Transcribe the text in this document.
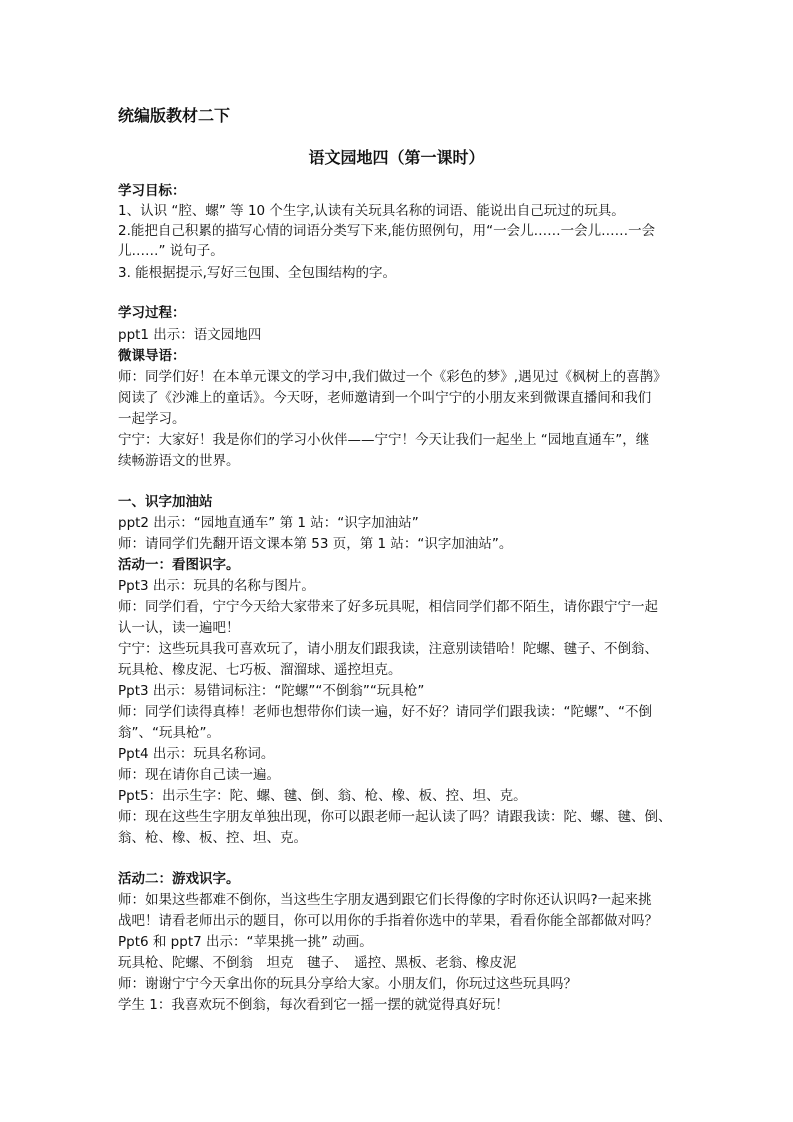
统编版教材二下
语文园地四（第一课时）
学习目标：
1、认识 “腔、螺” 等 10 个生字,认读有关玩具名称的词语、能说出自己玩过的玩具。
2.能把自己积累的描写心情的词语分类写下来,能仿照例句，用“一会儿……一会儿……一会
儿……” 说句子。
3. 能根据提示,写好三包围、全包围结构的字。
学习过程：
ppt1 出示：语文园地四
微课导语：
师：同学们好！在本单元课文的学习中,我们做过一个《彩色的梦》,遇见过《枫树上的喜鹊》
阅读了《沙滩上的童话》。今天呀，老师邀请到一个叫宁宁的小朋友来到微课直播间和我们
一起学习。
宁宁：大家好！我是你们的学习小伙伴——宁宁！今天让我们一起坐上 “园地直通车”，继
续畅游语文的世界。
一、识字加油站
ppt2 出示：“园地直通车” 第 1 站：“识字加油站”
师：请同学们先翻开语文课本第 53 页，第 1 站：“识字加油站”。
活动一：看图识字。
Ppt3 出示：玩具的名称与图片。
师：同学们看，宁宁今天给大家带来了好多玩具呢，相信同学们都不陌生，请你跟宁宁一起
认一认，读一遍吧！
宁宁：这些玩具我可喜欢玩了，请小朋友们跟我读，注意别读错哈！陀螺、毽子、不倒翁、
玩具枪、橡皮泥、七巧板、溜溜球、遥控坦克。
Ppt3 出示：易错词标注：“陀螺”“不倒翁”“玩具枪”
师：同学们读得真棒！老师也想带你们读一遍，好不好？请同学们跟我读：“陀螺”、“不倒
翁”、“玩具枪”。
Ppt4 出示：玩具名称词。
师：现在请你自己读一遍。
Ppt5：出示生字：陀、螺、毽、倒、翁、枪、橡、板、控、坦、克。
师：现在这些生字朋友单独出现，你可以跟老师一起认读了吗？请跟我读：陀、螺、毽、倒、
翁、枪、橡、板、控、坦、克。
活动二：游戏识字。
师：如果这些都难不倒你，当这些生字朋友遇到跟它们长得像的字时你还认识吗?一起来挑
战吧！请看老师出示的题目，你可以用你的手指着你选中的苹果，看看你能全部都做对吗？
Ppt6 和 ppt7 出示：“苹果挑一挑” 动画。
玩具枪、陀螺、不倒翁　坦克　毽子、　遥控、黑板、老翁、橡皮泥
师：谢谢宁宁今天拿出你的玩具分享给大家。小朋友们，你玩过这些玩具吗？
学生 1：我喜欢玩不倒翁，每次看到它一摇一摆的就觉得真好玩！
